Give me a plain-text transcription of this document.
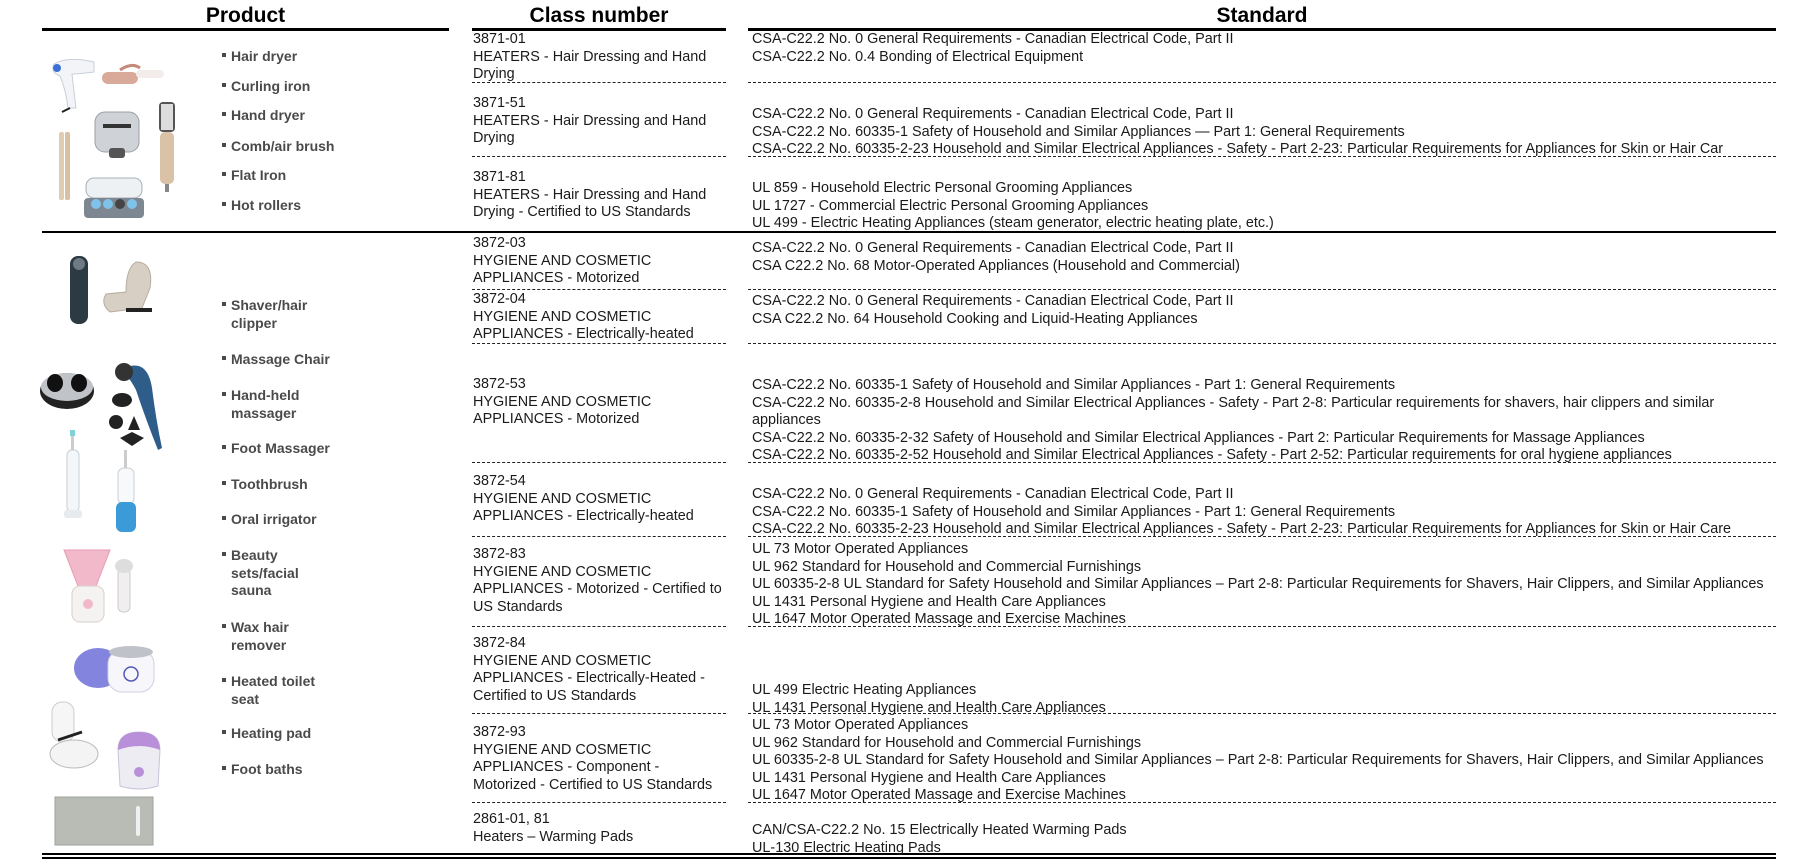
Product	Class number	Standard
Hair dryer
Curling iron
Hand dryer
Comb/air brush
Flat Iron
Hot rollers
Shaver/hair clipper
Massage Chair
Hand-held massager
Foot Massager
Toothbrush
Oral irrigator
Beauty sets/facial sauna
Wax hair remover
Heated toilet seat
Heating pad
Foot baths
3871-01
HEATERS - Hair Dressing and Hand Drying
3871-51
HEATERS - Hair Dressing and Hand Drying
3871-81
HEATERS - Hair Dressing and Hand Drying - Certified to US Standards
3872-03
HYGIENE AND COSMETIC APPLIANCES - Motorized
3872-04
HYGIENE AND COSMETIC APPLIANCES - Electrically-heated
3872-53
HYGIENE AND COSMETIC APPLIANCES - Motorized
3872-54
HYGIENE AND COSMETIC APPLIANCES - Electrically-heated
3872-83
HYGIENE AND COSMETIC APPLIANCES - Motorized - Certified to US Standards
3872-84
HYGIENE AND COSMETIC APPLIANCES - Electrically-Heated - Certified to US Standards
3872-93
HYGIENE AND COSMETIC APPLIANCES - Component - Motorized - Certified to US Standards
2861-01, 81
Heaters – Warming Pads
CSA-C22.2 No. 0 General Requirements - Canadian Electrical Code, Part II
CSA-C22.2 No. 0.4 Bonding of Electrical Equipment
CSA-C22.2 No. 0 General Requirements - Canadian Electrical Code, Part II
CSA-C22.2 No. 60335-1 Safety of Household and Similar Appliances — Part 1: General Requirements
CSA-C22.2 No. 60335-2-23 Household and Similar Electrical Appliances - Safety - Part 2-23: Particular Requirements for Appliances for Skin or Hair Car
UL 859 - Household Electric Personal Grooming Appliances
UL 1727 - Commercial Electric Personal Grooming Appliances
UL 499 - Electric Heating Appliances (steam generator, electric heating plate, etc.)
CSA-C22.2 No. 0 General Requirements - Canadian Electrical Code, Part II
CSA C22.2 No. 68 Motor-Operated Appliances (Household and Commercial)
CSA-C22.2 No. 0 General Requirements - Canadian Electrical Code, Part II
CSA C22.2 No. 64 Household Cooking and Liquid-Heating Appliances
CSA-C22.2 No. 60335-1 Safety of Household and Similar Appliances - Part 1: General Requirements
CSA-C22.2 No. 60335-2-8 Household and Similar Electrical Appliances - Safety - Part 2-8: Particular requirements for shavers, hair clippers and similar appliances
CSA-C22.2 No. 60335-2-32 Safety of Household and Similar Electrical Appliances - Part 2: Particular Requirements for Massage Appliances
CSA-C22.2 No. 60335-2-52 Household and Similar Electrical Appliances - Safety - Part 2-52: Particular requirements for oral hygiene appliances
CSA-C22.2 No. 0 General Requirements - Canadian Electrical Code, Part II
CSA-C22.2 No. 60335-1 Safety of Household and Similar Appliances - Part 1: General Requirements
CSA-C22.2 No. 60335-2-23 Household and Similar Electrical Appliances - Safety - Part 2-23: Particular Requirements for Appliances for Skin or Hair Care
UL 73 Motor Operated Appliances
UL 962 Standard for Household and Commercial Furnishings
UL 60335-2-8 UL Standard for Safety Household and Similar Appliances – Part 2-8: Particular Requirements for Shavers, Hair Clippers, and Similar Appliances
UL 1431 Personal Hygiene and Health Care Appliances
UL 1647 Motor Operated Massage and Exercise Machines
UL 499 Electric Heating Appliances
UL 1431 Personal Hygiene and Health Care Appliances
UL 73 Motor Operated Appliances
UL 962 Standard for Household and Commercial Furnishings
UL 60335-2-8 UL Standard for Safety Household and Similar Appliances – Part 2-8: Particular Requirements for Shavers, Hair Clippers, and Similar Appliances
UL 1431 Personal Hygiene and Health Care Appliances
UL 1647 Motor Operated Massage and Exercise Machines
CAN/CSA-C22.2 No. 15 Electrically Heated Warming Pads
UL-130 Electric Heating Pads
